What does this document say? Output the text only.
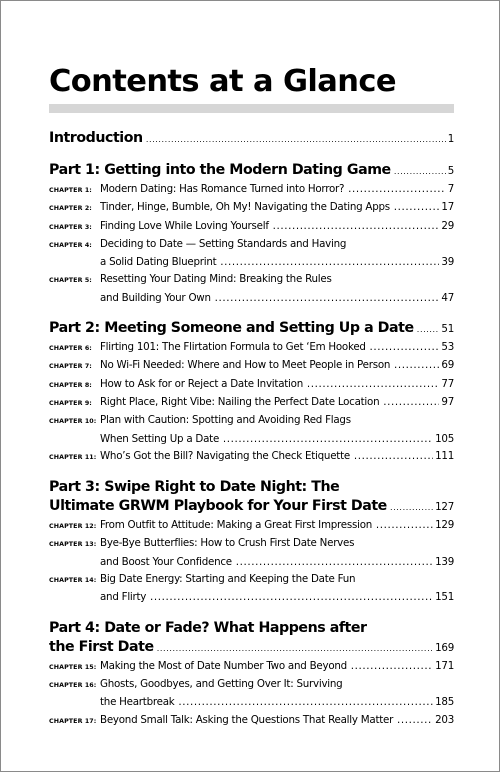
Contents at a Glance
Introduction .....	1
Part 1: Getting into the Modern Dating Game .....	5
CHAPTER 1: Modern Dating: Has Romance Turned into Horror? .....	7
CHAPTER 2: Tinder, Hinge, Bumble, Oh My! Navigating the Dating Apps .....	17
CHAPTER 3: Finding Love While Loving Yourself .....	29
CHAPTER 4: Deciding to Date — Setting Standards and Having
a Solid Dating Blueprint .....	39
CHAPTER 5: Resetting Your Dating Mind: Breaking the Rules
and Building Your Own .....	47
Part 2: Meeting Someone and Setting Up a Date .....	51
CHAPTER 6: Flirting 101: The Flirtation Formula to Get ‘Em Hooked .....	53
CHAPTER 7: No Wi-Fi Needed: Where and How to Meet People in Person .....	69
CHAPTER 8: How to Ask for or Reject a Date Invitation .....	77
CHAPTER 9: Right Place, Right Vibe: Nailing the Perfect Date Location .....	97
CHAPTER 10: Plan with Caution: Spotting and Avoiding Red Flags
When Setting Up a Date .....	105
CHAPTER 11: Who’s Got the Bill? Navigating the Check Etiquette .....	111
Part 3: Swipe Right to Date Night: The
Ultimate GRWM Playbook for Your First Date .....	127
CHAPTER 12: From Outfit to Attitude: Making a Great First Impression .....	129
CHAPTER 13: Bye-Bye Butterflies: How to Crush First Date Nerves
and Boost Your Confidence .....	139
CHAPTER 14: Big Date Energy: Starting and Keeping the Date Fun
and Flirty .....	151
Part 4: Date or Fade? What Happens after
the First Date .....	169
CHAPTER 15: Making the Most of Date Number Two and Beyond .....	171
CHAPTER 16: Ghosts, Goodbyes, and Getting Over It: Surviving
the Heartbreak .....	185
CHAPTER 17: Beyond Small Talk: Asking the Questions That Really Matter .....	203
